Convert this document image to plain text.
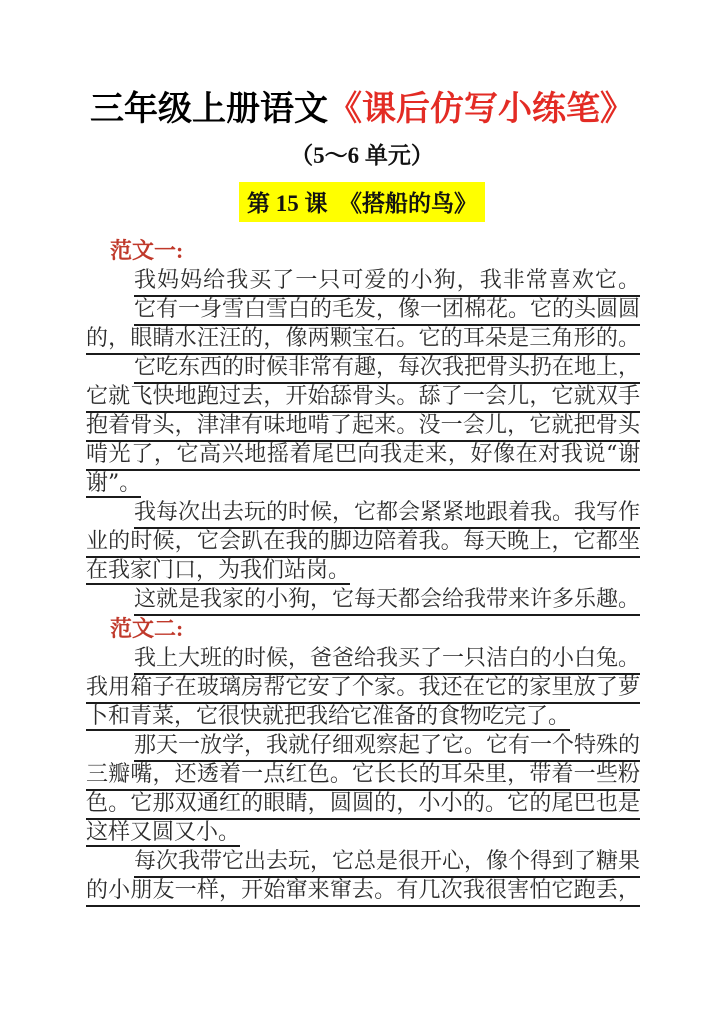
三年级上册语文《课后仿写小练笔》
（5～6 单元）
第 15 课  《搭船的鸟》
范文一:
我妈妈给我买了一只可爱的小狗，我非常喜欢它。
它有一身雪白雪白的毛发，像一团棉花。它的头圆圆
的，眼睛水汪汪的，像两颗宝石。它的耳朵是三角形的。
它吃东西的时候非常有趣，每次我把骨头扔在地上，
它就飞快地跑过去，开始舔骨头。舔了一会儿，它就双手
抱着骨头，津津有味地啃了起来。没一会儿，它就把骨头
啃光了，它高兴地摇着尾巴向我走来，好像在对我说“谢
谢”。
我每次出去玩的时候，它都会紧紧地跟着我。我写作
业的时候，它会趴在我的脚边陪着我。每天晚上，它都坐
在我家门口，为我们站岗。
这就是我家的小狗，它每天都会给我带来许多乐趣。
范文二:
我上大班的时候，爸爸给我买了一只洁白的小白兔。
我用箱子在玻璃房帮它安了个家。我还在它的家里放了萝
卜和青菜，它很快就把我给它准备的食物吃完了。
那天一放学，我就仔细观察起了它。它有一个特殊的
三瓣嘴，还透着一点红色。它长长的耳朵里，带着一些粉
色。它那双通红的眼睛，圆圆的，小小的。它的尾巴也是
这样又圆又小。
每次我带它出去玩，它总是很开心，像个得到了糖果
的小朋友一样，开始窜来窜去。有几次我很害怕它跑丢，
